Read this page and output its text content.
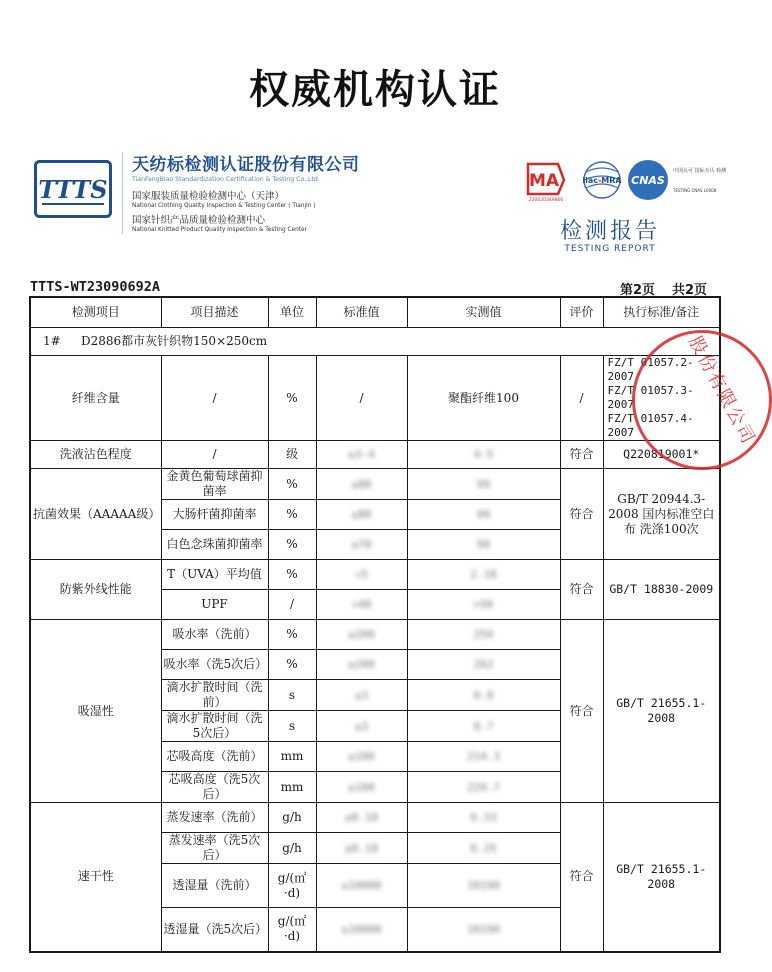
权威机构认证
TTTS
天纺标检测认证股份有限公司
TianFangBiao Standardization Certification & Testing Co.,Ltd.
国家服装质量检验检测中心（天津）
National Clothing Quality Inspection & Testing Center ( Tianjin )
国家针织产品质量检验检测中心
National Knitted Product Quality Inspection & Testing Center
MA
230020349866
ilac-MRA CNAS
中国认可 国际互认 检测
TESTING CNAS L0008
检测报告
TESTING REPORT
TTTS-WT23090692A	第2页 共2页
检测项目	项目描述	单位	标准值	实测值	评价	执行标准/备注
1# D2886都市灰针织物150×250cm						
纤维含量	/	%	/	聚酯纤维100	/	FZ/T 01057.2-2007
FZ/T 01057.3-2007
FZ/T 01057.4-2007

洗液沾色程度	/	级	≥3-4	4-5	符合	Q220819001*
抗菌效果（AAAAA级）	金黄色葡萄球菌抑菌率	%	≥80	99	符合	GB/T 20944.3-2008 国内标准空白布 洗涤100次
	大肠杆菌抑菌率	%	≥80	99		
	白色念珠菌抑菌率	%	≥70	98		
防紫外线性能	T（UVA）平均值	%	<5	2.18	符合	GB/T 18830-2009
	UPF	/	>40	>50		
吸湿性	吸水率（洗前）	%	≥200	259	符合	GB/T 21655.1-2008
	吸水率（洗5次后）	%	≥200	262		
	滴水扩散时间（洗前）	s	≤3	0.8		
	滴水扩散时间（洗5次后）	s	≤3	0.7		
	芯吸高度（洗前）	mm	≥100	214.3		
	芯吸高度（洗5次后）	mm	≥100	229.7		
速干性	蒸发速率（洗前）	g/h	≥0.18	0.33	符合	GB/T 21655.1-2008
	蒸发速率（洗5次后）	g/h	≥0.18	0.25		
	透湿量（洗前）	g/(㎡·d)	≥10000	10190		
	透湿量（洗5次后）	g/(㎡·d)	≥10000	10190		
股份有限公司
